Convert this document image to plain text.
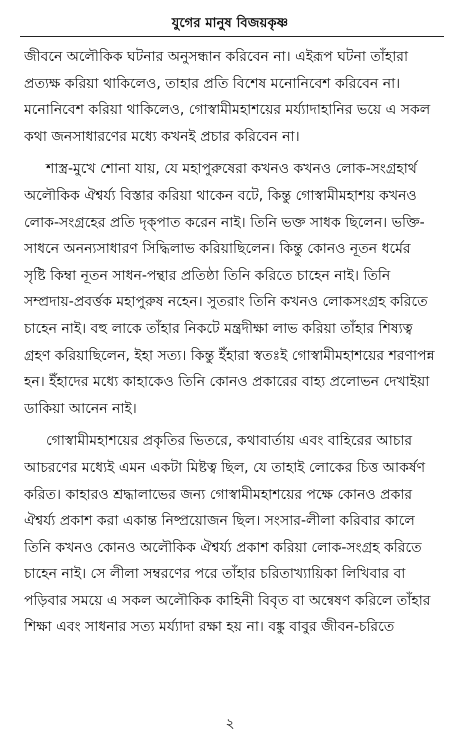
যুগের মানুষ বিজয়কৃষ্ণ

জীবনে অলৌকিক ঘটনার অনুসন্ধান করিবেন না। এইরূপ ঘটনা তাঁহারা
প্রত্যক্ষ করিয়া থাকিলেও, তাহার প্রতি বিশেষ মনোনিবেশ করিবেন না।
মনোনিবেশ করিয়া থাকিলেও, গোস্বামীমহাশয়ের মর্য্যাদাহানির ভয়ে এ সকল
কথা জনসাধারণের মধ্যে কখনই প্রচার করিবেন না।

শাস্ত্র-মুখে শোনা যায়, যে মহাপুরুষেরা কখনও কখনও লোক-সংগ্রহার্থ
অলৌকিক ঐশ্বর্য্য বিস্তার করিয়া থাকেন বটে, কিন্তু গোস্বামীমহাশয় কখনও
লোক-সংগ্রহের প্রতি দৃক্‌পাত করেন নাই। তিনি ভক্ত সাধক ছিলেন। ভক্তি-
সাধনে অনন্যসাধারণ সিদ্ধিলাভ করিয়াছিলেন। কিন্তু কোনও নূতন ধর্মের
সৃষ্টি কিম্বা নূতন সাধন-পন্থার প্রতিষ্ঠা তিনি করিতে চাহেন নাই। তিনি
সম্প্রদায়-প্রবর্ত্তক মহাপুরুষ নহেন। সুতরাং তিনি কখনও লোকসংগ্রহ করিতে
চাহেন নাই। বহু লাকে তাঁহার নিকটে মন্ত্রদীক্ষা লাভ করিয়া তাঁহার শিষ্যত্ব
গ্রহণ করিয়াছিলেন, ইহা সত্য। কিন্তু ইঁহারা স্বতঃই গোস্বামীমহাশয়ের শরণাপন্ন
হন। ইঁহাদের মধ্যে কাহাকেও তিনি কোনও প্রকারের বাহ্য প্রলোভন দেখাইয়া
ডাকিয়া আনেন নাই।

গোস্বামীমহাশয়ের প্রকৃতির ভিতরে, কথাবার্তায় এবং বাহিরের আচার
আচরণের মধ্যেই এমন একটা মিষ্টত্ব ছিল, যে তাহাই লোকের চিত্ত আকর্ষণ
করিত। কাহারও শ্রদ্ধালাভের জন্য গোস্বামীমহাশয়ের পক্ষে কোনও প্রকার
ঐশ্বর্য্য প্রকাশ করা একান্ত নিষ্প্রয়োজন ছিল। সংসার-লীলা করিবার কালে
তিনি কখনও কোনও অলৌকিক ঐশ্বর্য্য প্রকাশ করিয়া লোক-সংগ্রহ করিতে
চাহেন নাই। সে লীলা সম্বরণের পরে তাঁহার চরিতাখ্যায়িকা লিখিবার বা
পড়িবার সময়ে এ সকল অলৌকিক কাহিনী বিবৃত বা অন্বেষণ করিলে তাঁহার
শিক্ষা এবং সাধনার সত্য মর্য্যাদা রক্ষা হয় না। বঙ্কু বাবুর জীবন-চরিতে

২
